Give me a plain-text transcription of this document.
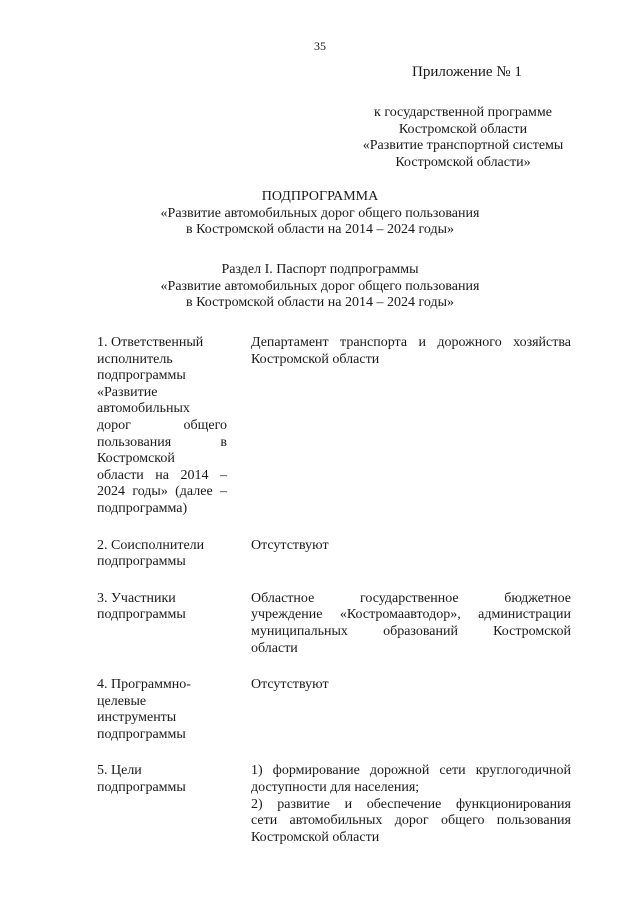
35
Приложение № 1
к государственной программе
Костромской области
«Развитие транспортной системы
Костромской области»
ПОДПРОГРАММА
«Развитие автомобильных дорог общего пользования
в Костромской области на 2014 – 2024 годы»
Раздел I. Паспорт подпрограммы
«Развитие автомобильных дорог общего пользования
в Костромской области на 2014 – 2024 годы»
1. Ответственный
исполнитель
подпрограммы
«Развитие
автомобильных
дорог общего
пользования в
Костромской
области на 2014 –
2024 годы» (далее –
подпрограмма)
Департамент транспорта и дорожного хозяйства
Костромской области
2. Соисполнители
подпрограммы
Отсутствуют
3. Участники
подпрограммы
Областное государственное бюджетное
учреждение «Костромаавтодор», администрации
муниципальных образований Костромской
области
4. Программно-
целевые
инструменты
подпрограммы
Отсутствуют
5. Цели
подпрограммы
1) формирование дорожной сети круглогодичной
доступности для населения;
2) развитие и обеспечение функционирования
сети автомобильных дорог общего пользования
Костромской области
